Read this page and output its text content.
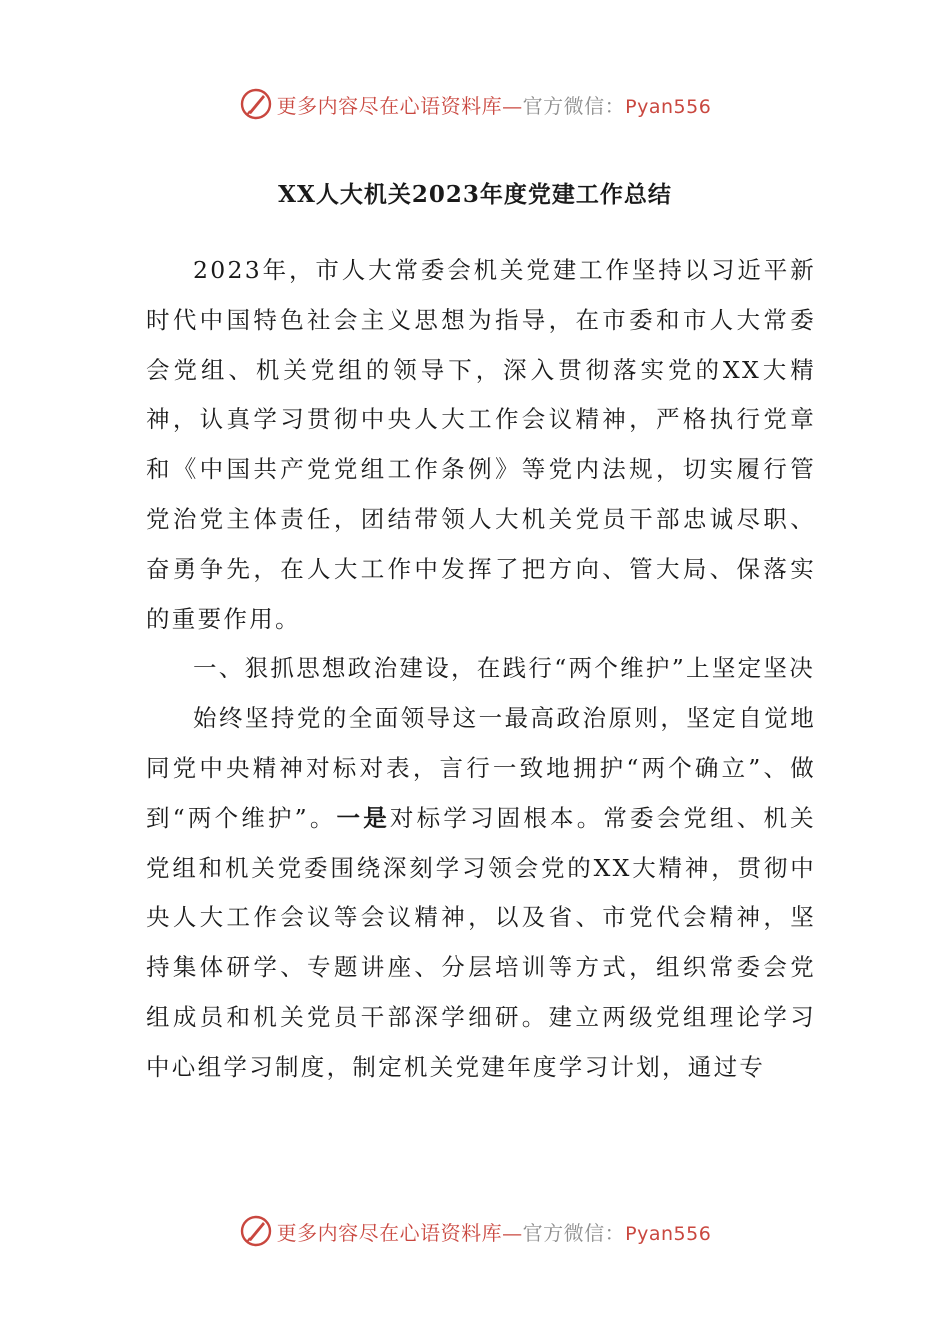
更多内容尽在心语资料库—官方微信：Pyan556
XX人大机关2023年度党建工作总结

2023年，市人大常委会机关党建工作坚持以习近平新时代中国特色社会主义思想为指导，在市委和市人大常委会党组、机关党组的领导下，深入贯彻落实党的XX大精神，认真学习贯彻中央人大工作会议精神，严格执行党章和《中国共产党党组工作条例》等党内法规，切实履行管党治党主体责任，团结带领人大机关党员干部忠诚尽职、奋勇争先，在人大工作中发挥了把方向、管大局、保落实的重要作用。

一、狠抓思想政治建设，在践行“两个维护”上坚定坚决

始终坚持党的全面领导这一最高政治原则，坚定自觉地同党中央精神对标对表，言行一致地拥护“两个确立”、做到“两个维护”。一是对标学习固根本。常委会党组、机关党组和机关党委围绕深刻学习领会党的XX大精神，贯彻中央人大工作会议等会议精神，以及省、市党代会精神，坚持集体研学、专题讲座、分层培训等方式，组织常委会党组成员和机关党员干部深学细研。建立两级党组理论学习中心组学习制度，制定机关党建年度学习计划，通过专

更多内容尽在心语资料库—官方微信：Pyan556
